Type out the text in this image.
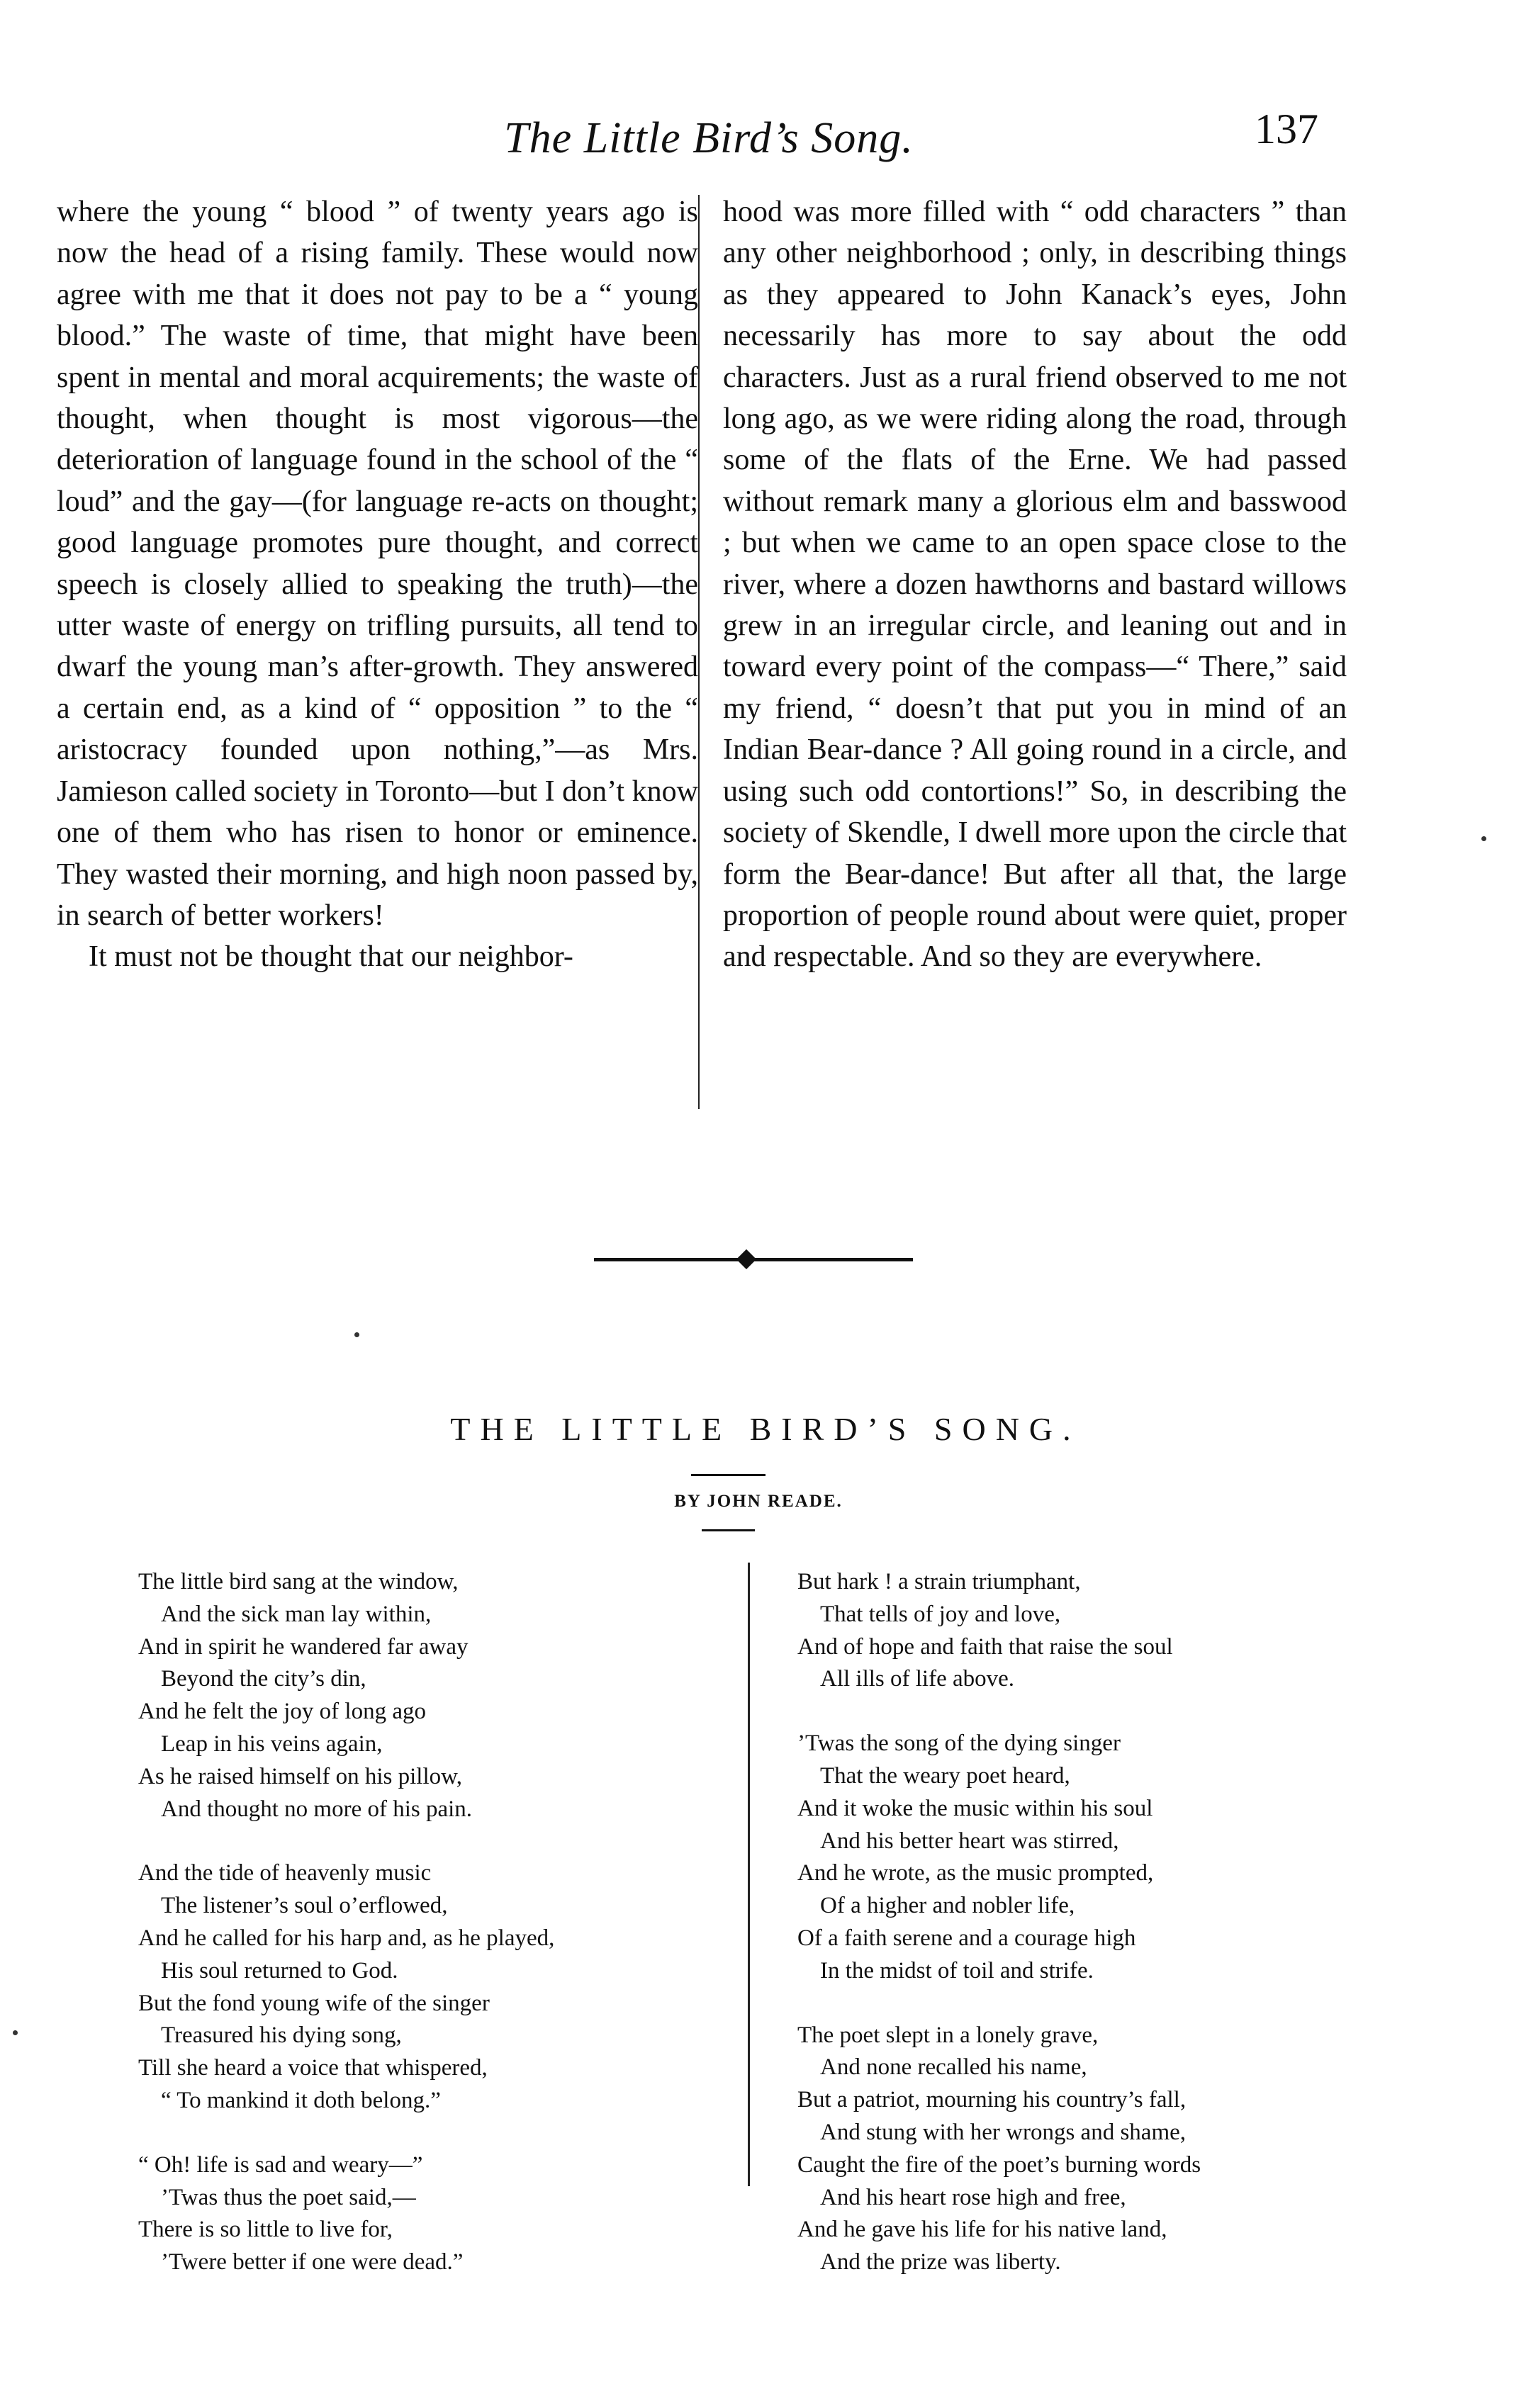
The Little Bird’s Song.	137

where the young “ blood ” of twenty years ago is now the head of a rising family. These would now agree with me that it does not pay to be a “ young blood.” The waste of time, that might have been spent in mental and moral acquirements; the waste of thought, when thought is most vigorous—the deterioration of language found in the school of the “ loud” and the gay—(for language re-acts on thought; good language promotes pure thought, and correct speech is closely allied to speaking the truth)—the utter waste of energy on trifling pursuits, all tend to dwarf the young man’s after-growth. They answered a certain end, as a kind of “ opposition ” to the “ aristocracy founded upon nothing,”—as Mrs. Jamieson called society in Toronto—but I don’t know one of them who has risen to honor or eminence. They wasted their morning, and high noon passed by, in search of better workers!

It must not be thought that our neighbor-

hood was more filled with “ odd characters ” than any other neighborhood ; only, in describing things as they appeared to John Kanack’s eyes, John necessarily has more to say about the odd characters. Just as a rural friend observed to me not long ago, as we were riding along the road, through some of the flats of the Erne. We had passed without remark many a glorious elm and basswood ; but when we came to an open space close to the river, where a dozen hawthorns and bastard willows grew in an irregular circle, and leaning out and in toward every point of the compass—“ There,” said my friend, “ doesn’t that put you in mind of an Indian Bear-dance ? All going round in a circle, and using such odd contortions!” So, in describing the society of Skendle, I dwell more upon the circle that form the Bear-dance! But after all that, the large proportion of people round about were quiet, proper and respectable. And so they are everywhere.

THE LITTLE BIRD’S SONG.
BY JOHN READE.
The little bird sang at the window,
And the sick man lay within,
And in spirit he wandered far away
Beyond the city’s din,
And he felt the joy of long ago
Leap in his veins again,
As he raised himself on his pillow,
And thought no more of his pain.
And the tide of heavenly music
The listener’s soul o’erflowed,
And he called for his harp and, as he played,
His soul returned to God.
But the fond young wife of the singer
Treasured his dying song,
Till she heard a voice that whispered,
“ To mankind it doth belong.”
“ Oh! life is sad and weary—”
’Twas thus the poet said,—
There is so little to live for,
’Twere better if one were dead.”
But hark ! a strain triumphant,
That tells of joy and love,
And of hope and faith that raise the soul
All ills of life above.
’Twas the song of the dying singer
That the weary poet heard,
And it woke the music within his soul
And his better heart was stirred,
And he wrote, as the music prompted,
Of a higher and nobler life,
Of a faith serene and a courage high
In the midst of toil and strife.
The poet slept in a lonely grave,
And none recalled his name,
But a patriot, mourning his country’s fall,
And stung with her wrongs and shame,
Caught the fire of the poet’s burning words
And his heart rose high and free,
And he gave his life for his native land,
And the prize was liberty.
